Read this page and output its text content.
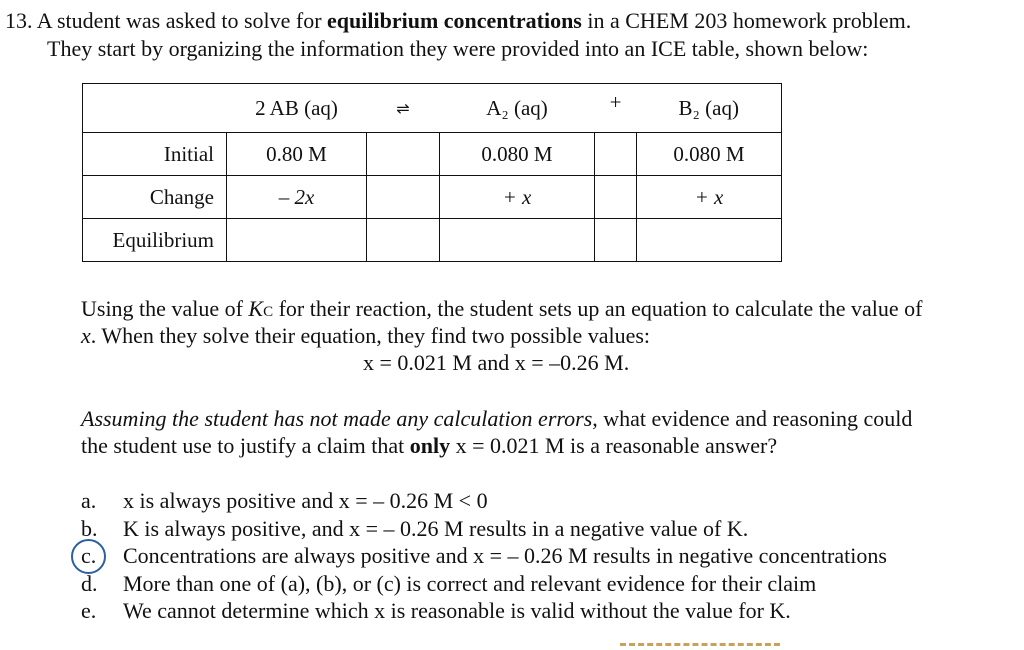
13. A student was asked to solve for equilibrium concentrations in a CHEM 203 homework problem.
They start by organizing the information they were provided into an ICE table, shown below:
	2 AB (aq)	⇌	A₂ (aq)	+	B₂ (aq)
Initial	0.80 M		0.080 M		0.080 M
Change	– 2x		+ x		+ x
Equilibrium					
Using the value of KC for their reaction, the student sets up an equation to calculate the value of
x. When they solve their equation, they find two possible values:
x = 0.021 M and x = –0.26 M.
Assuming the student has not made any calculation errors, what evidence and reasoning could
the student use to justify a claim that only x = 0.021 M is a reasonable answer?
a. x is always positive and x = – 0.26 M < 0
b. K is always positive, and x = – 0.26 M results in a negative value of K.
c. Concentrations are always positive and x = – 0.26 M results in negative concentrations
d. More than one of (a), (b), or (c) is correct and relevant evidence for their claim
e. We cannot determine which x is reasonable is valid without the value for K.
